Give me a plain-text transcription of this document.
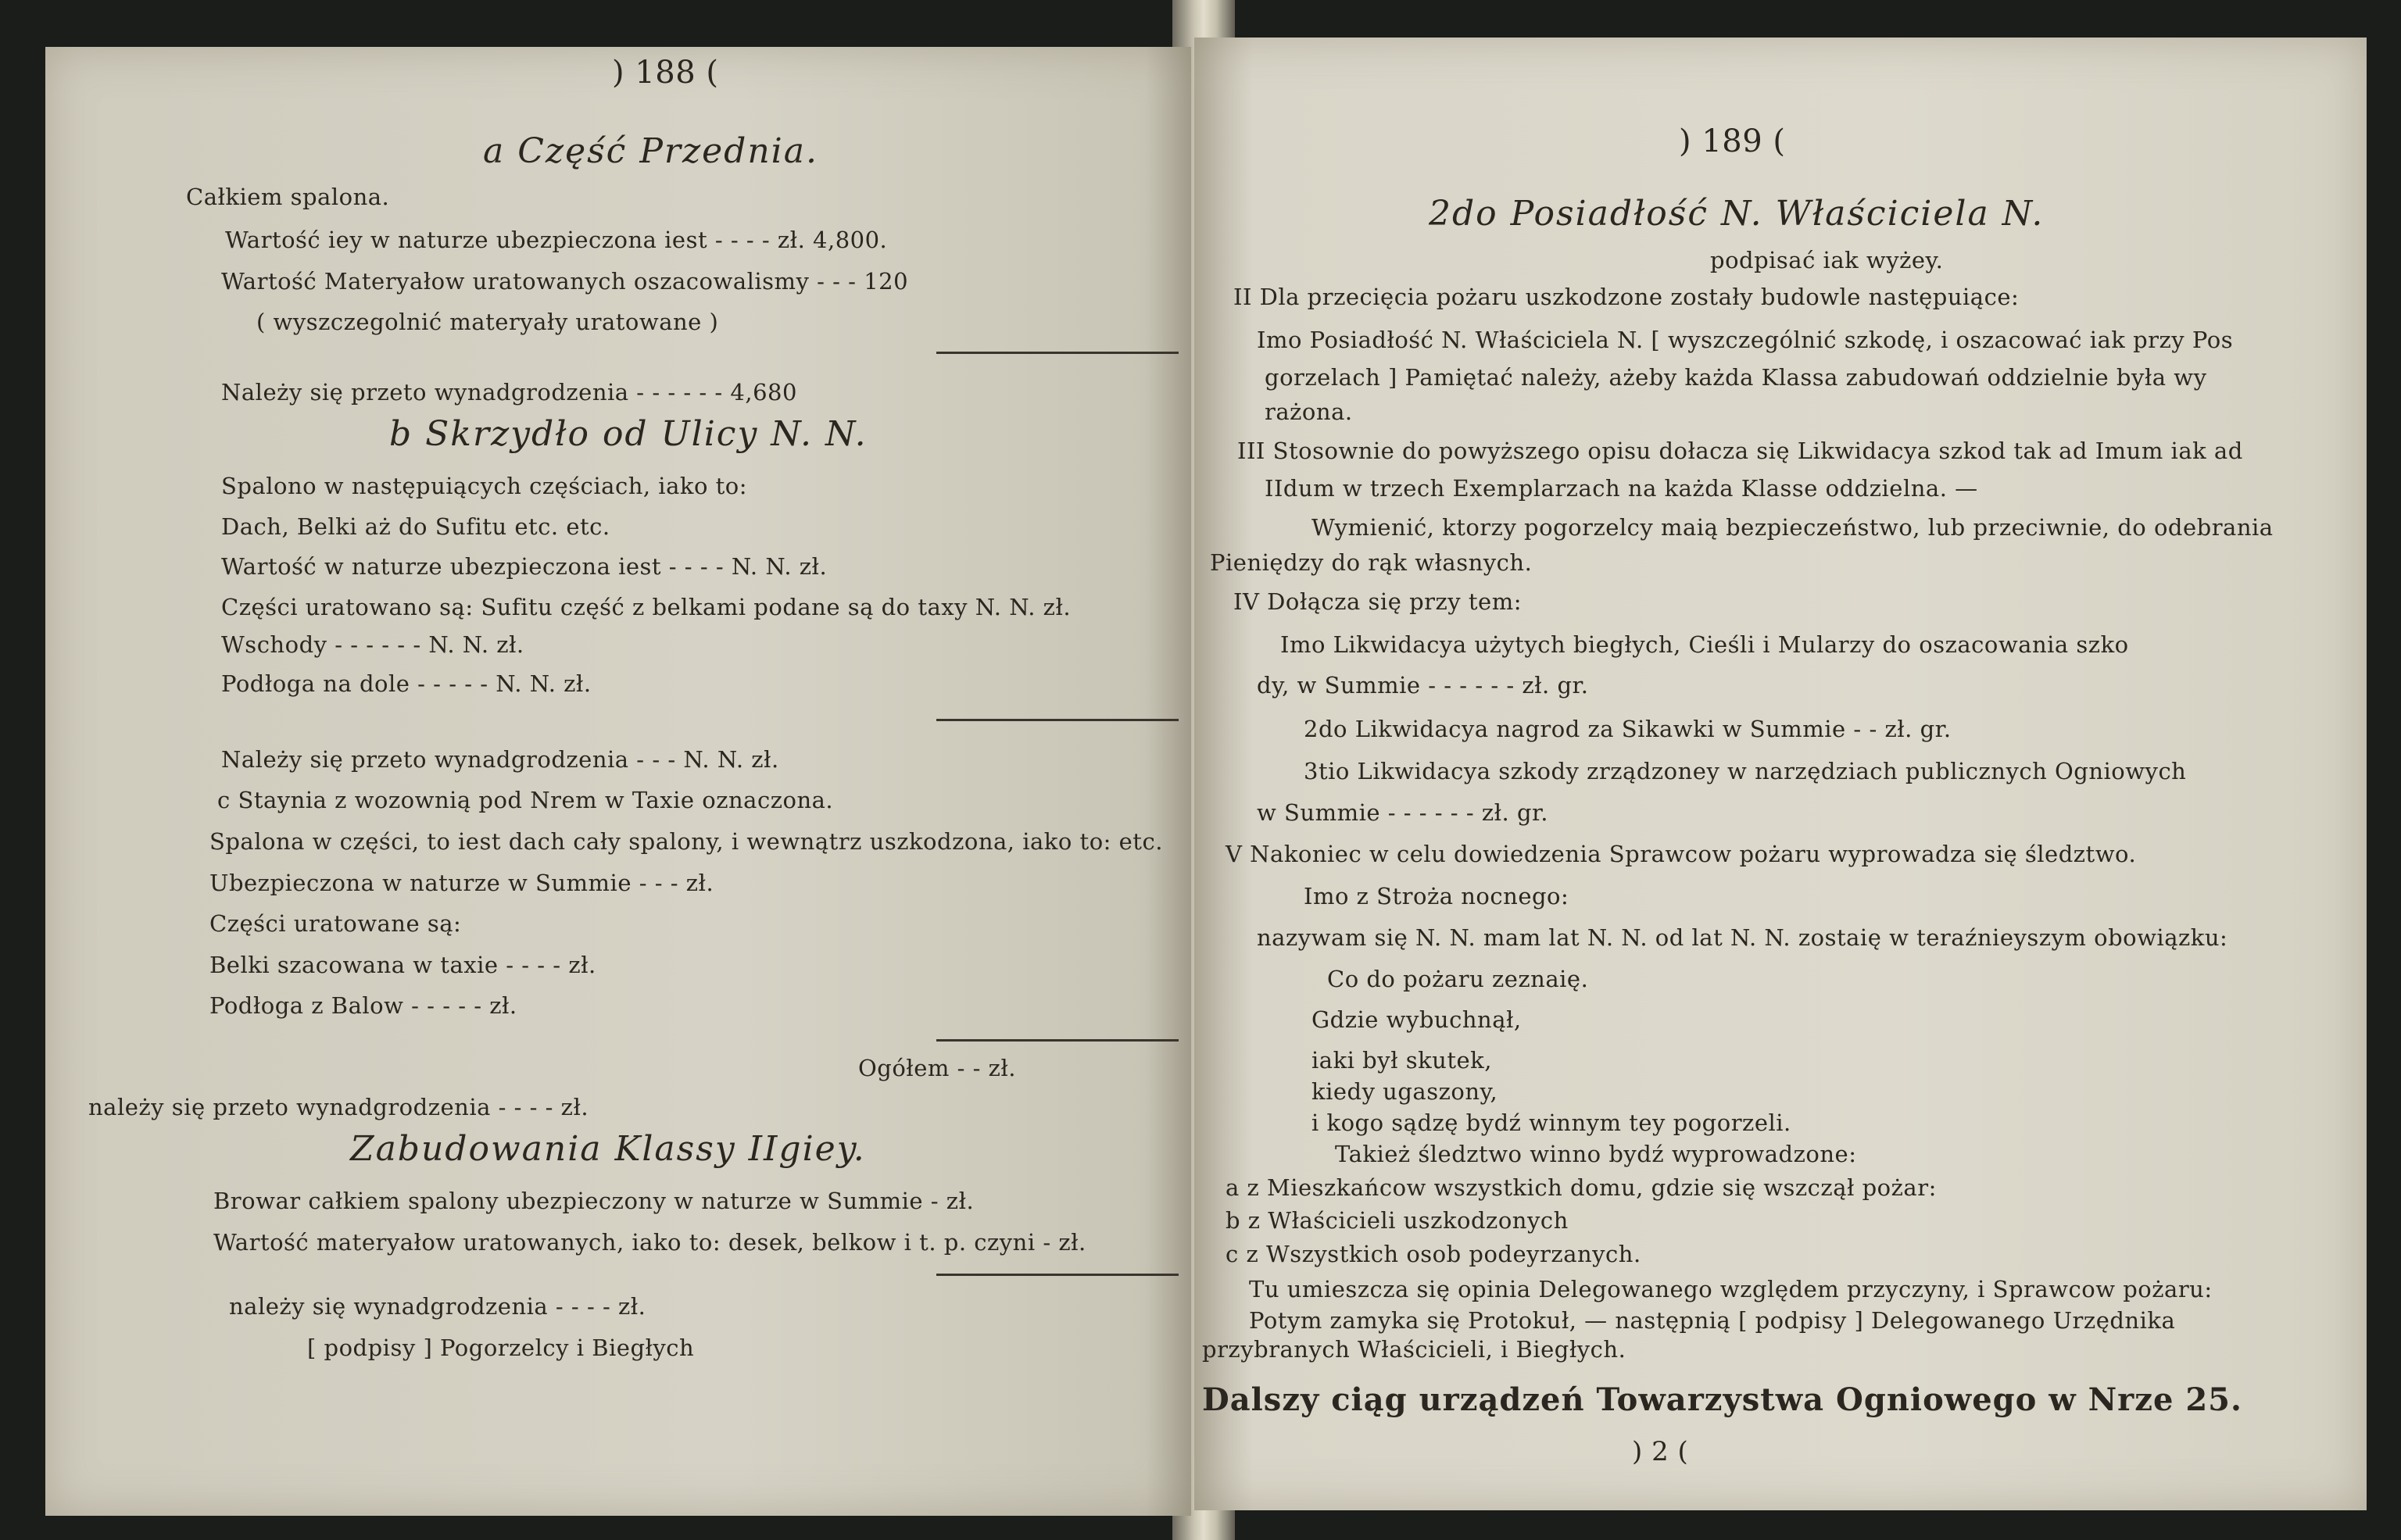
) 188 (
a Część Przednia.
Całkiem spalona.
Wartość iey w naturze ubezpieczona iest - - - - zł. 4,800.
Wartość Materyałow uratowanych oszacowalismy - - - 120
( wyszczegolnić materyały uratowane )
Należy się przeto wynadgrodzenia - - - - - - 4,680
b Skrzydło od Ulicy N. N.
Spalono w następuiących częściach, iako to:
Dach, Belki aż do Sufitu etc. etc.
Wartość w naturze ubezpieczona iest - - - - N. N. zł.
Części uratowano są: Sufitu część z belkami podane są do taxy N. N. zł.
Wschody - - - - - - N. N. zł.
Podłoga na dole - - - - - N. N. zł.
Należy się przeto wynadgrodzenia - - - N. N. zł.
c Staynia z wozownią pod Nrem w Taxie oznaczona.
Spalona w części, to iest dach cały spalony, i wewnątrz uszkodzona, iako to: etc.
Ubezpieczona w naturze w Summie - - - zł.
Części uratowane są:
Belki szacowana w taxie - - - - zł.
Podłoga z Balow - - - - - zł.
Ogółem - - zł.
należy się przeto wynadgrodzenia - - - - zł.
Zabudowania Klassy IIgiey.
Browar całkiem spalony ubezpieczony w naturze w Summie - zł.
Wartość materyałow uratowanych, iako to: desek, belkow i t. p. czyni - zł.
należy się wynadgrodzenia - - - - zł.
[ podpisy ] Pogorzelcy i Biegłych
) 189 (
2do Posiadłość N. Właściciela N.
podpisać iak wyżey.
II Dla przecięcia pożaru uszkodzone zostały budowle następuiące:
Imo Posiadłość N. Właściciela N. [ wyszczególnić szkodę, i oszacować iak przy Pos
gorzelach ] Pamiętać należy, ażeby każda Klassa zabudowań oddzielnie była wy
rażona.
III Stosownie do powyższego opisu dołacza się Likwidacya szkod tak ad Imum iak ad
IIdum w trzech Exemplarzach na każda Klasse oddzielna. —
Wymienić, ktorzy pogorzelcy maią bezpieczeństwo, lub przeciwnie, do odebrania
Pieniędzy do rąk własnych.
IV Dołącza się przy tem:
Imo Likwidacya użytych biegłych, Cieśli i Mularzy do oszacowania szko
dy, w Summie - - - - - - zł. gr.
2do Likwidacya nagrod za Sikawki w Summie - - zł. gr.
3tio Likwidacya szkody zrządzoney w narzędziach publicznych Ogniowych
w Summie - - - - - - zł. gr.
V Nakoniec w celu dowiedzenia Sprawcow pożaru wyprowadza się śledztwo.
Imo z Stroża nocnego:
nazywam się N. N. mam lat N. N. od lat N. N. zostaię w teraźnieyszym obowiązku:
Co do pożaru zeznaię.
Gdzie wybuchnął,
iaki był skutek,
kiedy ugaszony,
i kogo sądzę bydź winnym tey pogorzeli.
Takież śledztwo winno bydź wyprowadzone:
a z Mieszkańcow wszystkich domu, gdzie się wszczął pożar:
b z Właścicieli uszkodzonych
c z Wszystkich osob podeyrzanych.
Tu umieszcza się opinia Delegowanego względem przyczyny, i Sprawcow pożaru:
Potym zamyka się Protokuł, — następnią [ podpisy ] Delegowanego Urzędnika
przybranych Właścicieli, i Biegłych.
Dalszy ciąg urządzeń Towarzystwa Ogniowego w Nrze 25.
) 2 (
